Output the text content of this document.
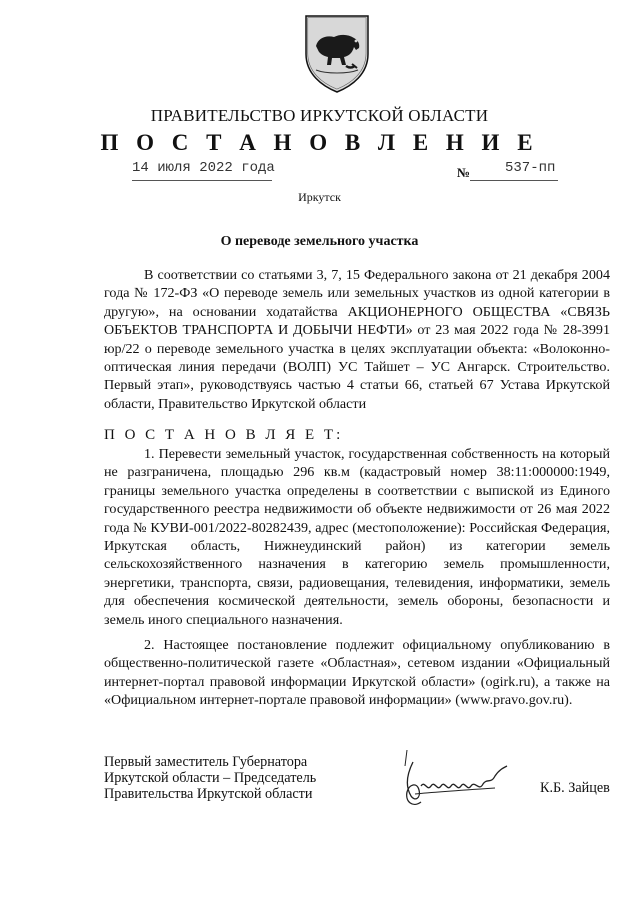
ПРАВИТЕЛЬСТВО ИРКУТСКОЙ ОБЛАСТИ
П О С Т А Н О В Л Е Н И Е
14 июля 2022 года	№ 537-пп
Иркутск
О переводе земельного участка

В соответствии со статьями 3, 7, 15 Федерального закона от 21 декабря 2004 года № 172-ФЗ «О переводе земель или земельных участков из одной категории в другую», на основании ходатайства АКЦИОНЕРНОГО ОБЩЕСТВА «СВЯЗЬ ОБЪЕКТОВ ТРАНСПОРТА И ДОБЫЧИ НЕФТИ» от 23 мая 2022 года № 28-3991 юр/22 о переводе земельного участка в целях эксплуатации объекта: «Волоконно-оптическая линия передачи (ВОЛП) УС Тайшет – УС Ангарск. Строительство. Первый этап», руководствуясь частью 4 статьи 66, статьей 67 Устава Иркутской области, Правительство Иркутской области

П О С Т А Н О В Л Я Е Т:

1. Перевести земельный участок, государственная собственность на который не разграничена, площадью 296 кв.м (кадастровый номер 38:11:000000:1949, границы земельного участка определены в соответствии с выпиской из Единого государственного реестра недвижимости об объекте недвижимости от 26 мая 2022 года № КУВИ-001/2022-80282439, адрес (местоположение): Российская Федерация, Иркутская область, Нижнеудинский район) из категории земель сельскохозяйственного назначения в категорию земель промышленности, энергетики, транспорта, связи, радиовещания, телевидения, информатики, земель для обеспечения космической деятельности, земель обороны, безопасности и земель иного специального назначения.

2. Настоящее постановление подлежит официальному опубликованию в общественно-политической газете «Областная», сетевом издании «Официальный интернет-портал правовой информации Иркутской области» (ogirk.ru), а также на «Официальном интернет-портале правовой информации» (www.pravo.gov.ru).

Первый заместитель Губернатора
Иркутской области – Председатель
Правительства Иркутской области	К.Б. Зайцев
